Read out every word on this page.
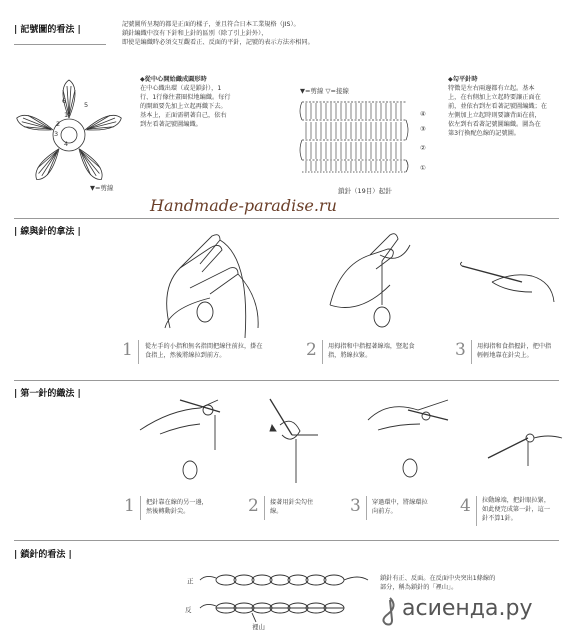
| 記號圖的看法 |
記號圖所呈現的都是正面的樣子，並且符合日本工業規格（JIS）。
鎖針編織中沒有下針和上針的區別（除了引上針外），
即使是編織時必須交互觀看正、反面的平針，記號的表示方法亦相同。
6	5
1
2
3
4
▼=剪線
◆從中心開始織成圓形時
在中心織出環（或是鎖針），1
行、1行像往畫圈似地編織。每行
的開頭要先加上立起再織下去。
基本上，正面需朝著自己，依右
到左看著記號圖編織。
▼=剪線 ▽=接線
④
③
②
①
鎖針（19目）起針
◆勾平針時
特徵是左右兩邊都有立起。基本
上，在右側加上立起時要讓正面在
前，並依右到左看著記號圖編織；在
左側加上立起時則要讓背面在前，
依左到右看著記號圖編織。圖為在
第3行換配色線的記號圖。
Handmade-paradise.ru
| 線與針的拿法 |
1 從左手的小指和無名指間把線往前拉，掛在
食指上，然後將線拉到前方。	2 用拇指和中指握著線端，豎起食
指，將線拉緊。	3 用拇指和食指握針，把中指
輕輕地靠在針尖上。
| 第一針的織法 |
1 把針靠在線的另一邊，
然後轉動針尖。	2 接著用針尖勾住
線。	3 穿過環中，將線環拉
向前方。	4 拉動線端，把針眼拉緊，
如此便完成第一針，這一
針不算1針。
| 鎖針的看法 |
正
反
裡山
鎖針有正、反面。在反面中央突出1條線的
部分，稱為鎖針的「裡山」。
асиенда.ру
